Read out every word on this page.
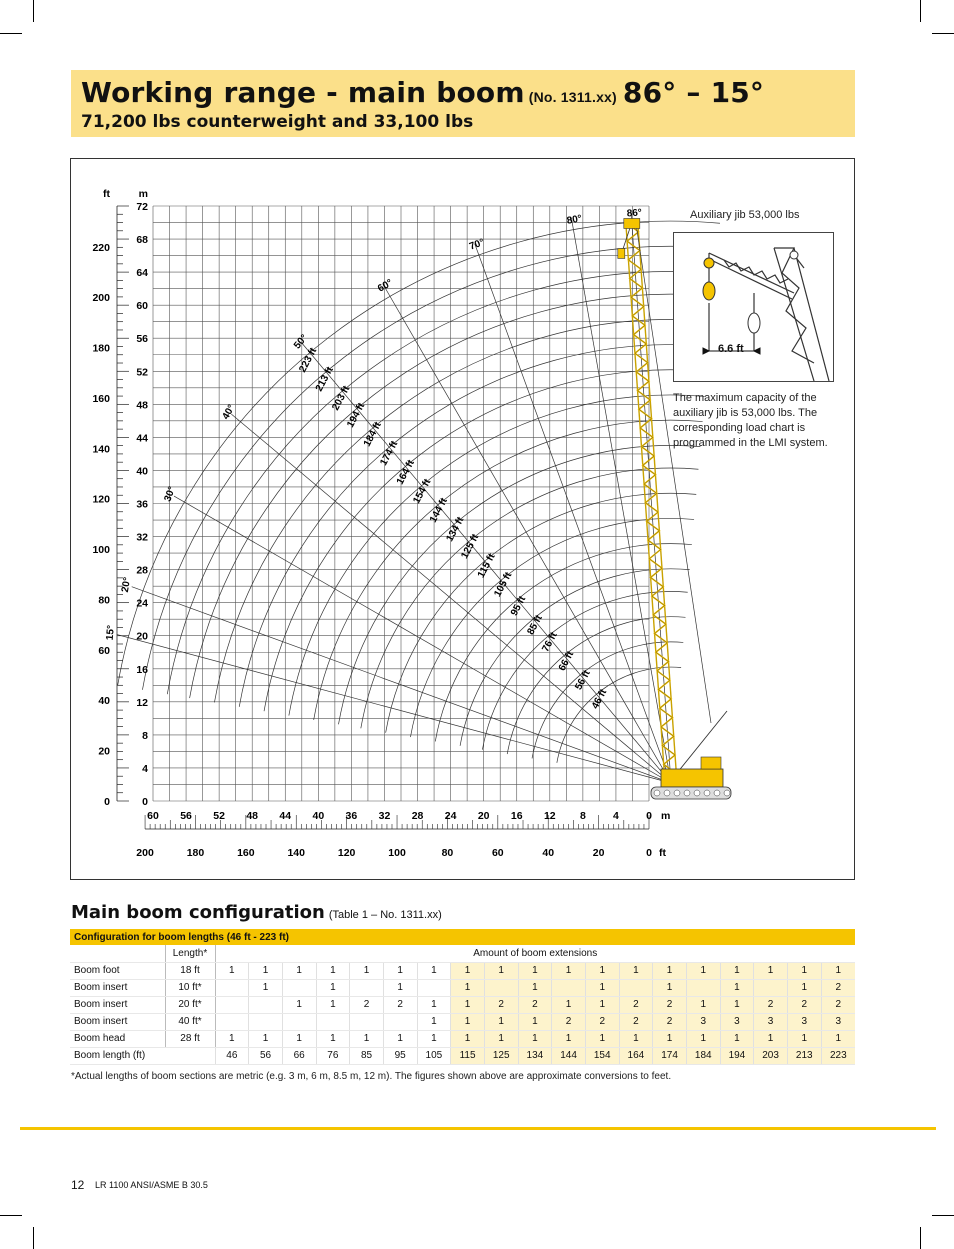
Working range - main boom (No. 1311.xx) 86° – 15°
71,200 lbs counterweight and 33,100 lbs
223 ft
213 ft
203 ft
194 ft
184 ft
174 ft
164 ft
154 ft
144 ft
134 ft
125 ft
115 ft
105 ft
95 ft
85 ft
76 ft
66 ft
56 ft
46 ft
86°
80°
70°
60°
50°
40°
30°
20°
15°
0
4
8
12
16
20
24
28
32
36
40
44
48
52
56
60
64
68
72
0
20
40
60
80
100
120
140
160
180
200
220
ft	m
60 56 52 48 44 40 36 32 28 24 20 16 12 8	4	0 m
200	180	160	140	120	100	80	60	40	20	0 ft
Auxiliary jib 53,000 lbs
6.6 ft
The maximum capacity of the auxiliary jib is 53,000 lbs. The corresponding load chart is programmed in the LMI system.
Main boom configuration (Table 1 – No. 1311.xx)
Configuration for boom lengths (46 ft - 223 ft)																				
	Length*	Amount of boom extensions																		
Boom foot	18 ft	1	1	1	1	1	1	1	1	1	1	1	1	1	1	1	1	1	1	1
Boom insert	10 ft*		1		1		1		1		1		1		1		1		1	2
Boom insert	20 ft*			1	1	2	2	1	1	2	2	1	1	2	2	1	1	2	2	2
Boom insert	40 ft*							1	1	1	1	2	2	2	2	3	3	3	3	3
Boom head	28 ft	1	1	1	1	1	1	1	1	1	1	1	1	1	1	1	1	1	1	1
Boom length (ft)		46	56	66	76	85	95	105	115	125	134	144	154	164	174	184	194	203	213	223
*Actual lengths of boom sections are metric (e.g. 3 m, 6 m, 8.5 m, 12 m). The figures shown above are approximate conversions to feet.
12 LR 1100 ANSI/ASME B 30.5
